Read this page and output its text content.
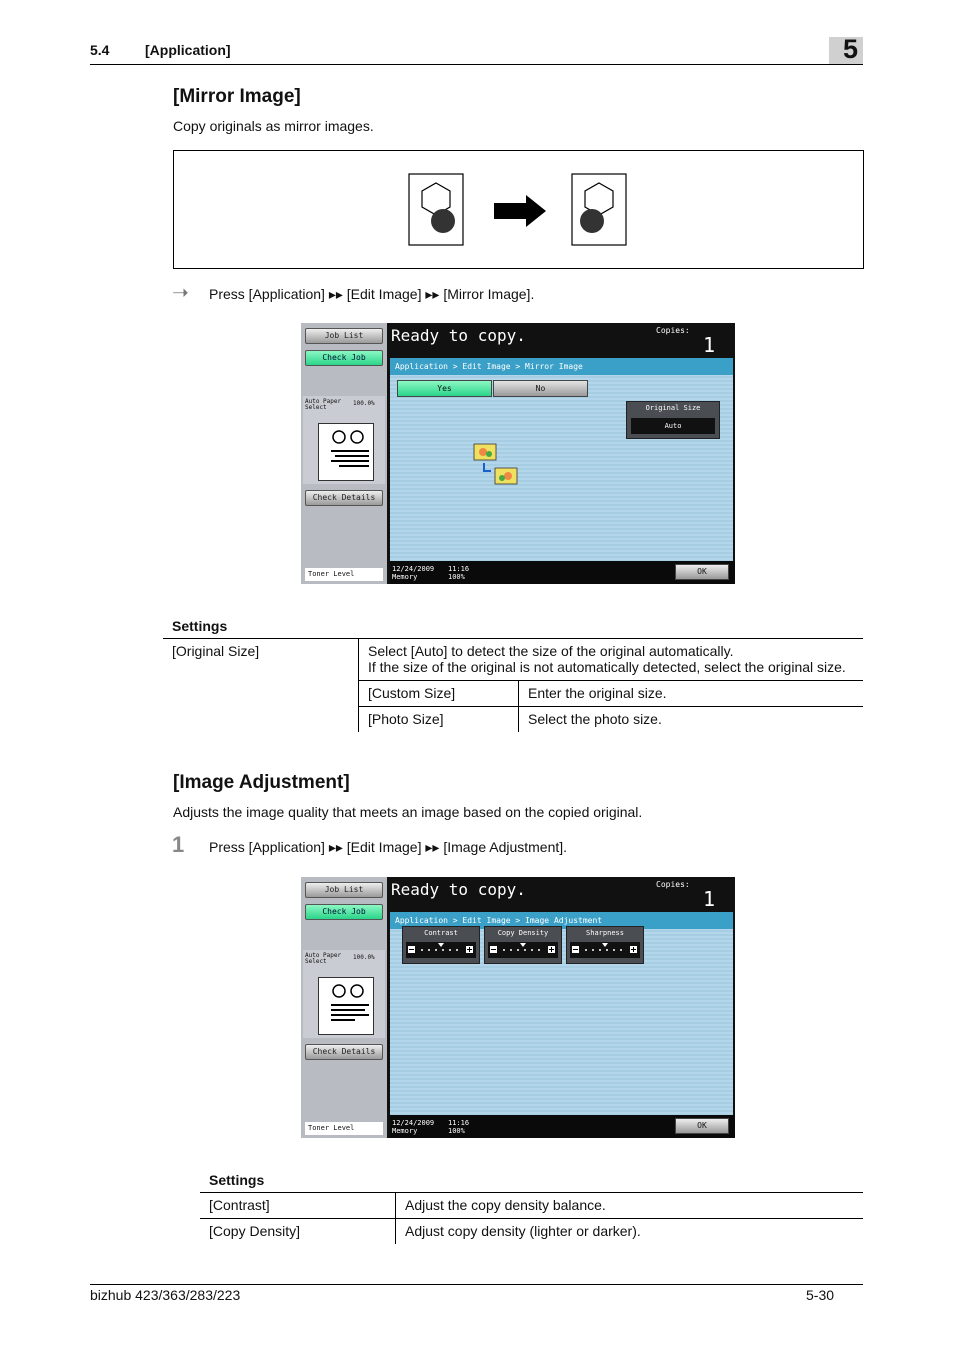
5.4	[Application]	5
[Mirror Image]
Copy originals as mirror images.
➝ Press [Application] ▸▸ [Edit Image] ▸▸ [Mirror Image].
Job List
Check Job
Auto Paper Select
100.0%
Check Details
Toner Level
Ready to copy.	Copies:
1
Application > Edit Image > Mirror Image
Yes	No
Original Size
Auto
12/24/2009 11:16
Memory	100%
OK
Settings
[Original Size]	Select [Auto] to detect the size of the original automatically.
If the size of the original is not automatically detected, select the original size.	

	[Custom Size]	Enter the original size.
	[Photo Size]	Select the photo size.
[Image Adjustment]
Adjusts the image quality that meets an image based on the copied original.
1 Press [Application] ▸▸ [Edit Image] ▸▸ [Image Adjustment].
Job List
Check Job
Auto Paper Select
100.0%
Check Details
Toner Level
Ready to copy.	Copies:
1
Application > Edit Image > Image Adjustment
Contrast	Copy Density	Sharpness
12/24/2009 11:16
Memory	100%
OK
Settings
[Contrast]	Adjust the copy density balance.
[Copy Density]	Adjust copy density (lighter or darker).
bizhub 423/363/283/223	5-30
